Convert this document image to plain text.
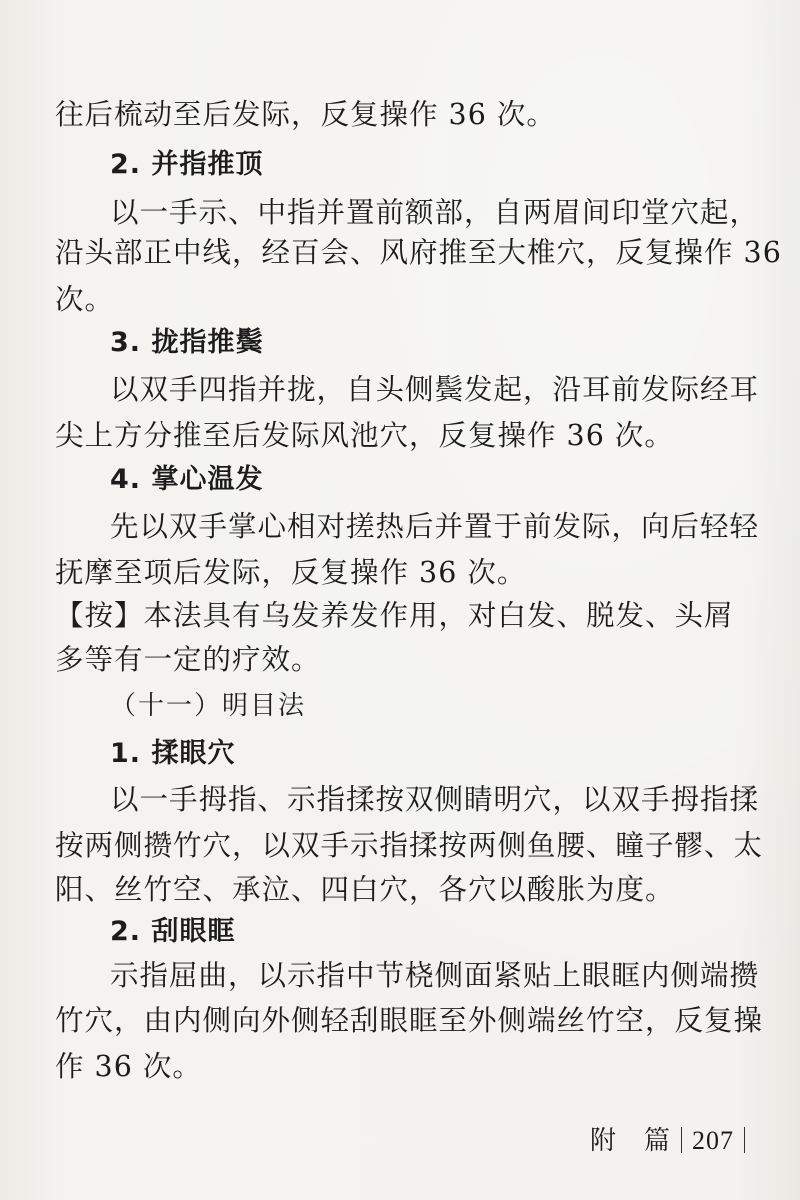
往后梳动至后发际，反复操作 36 次。
2. 并指推顶
以一手示、中指并置前额部，自两眉间印堂穴起，
沿头部正中线，经百会、风府推至大椎穴，反复操作 36
次。
3. 拢指推鬓
以双手四指并拢，自头侧鬓发起，沿耳前发际经耳
尖上方分推至后发际风池穴，反复操作 36 次。
4. 掌心温发
先以双手掌心相对搓热后并置于前发际，向后轻轻
抚摩至项后发际，反复操作 36 次。
【按】本法具有乌发养发作用，对白发、脱发、头屑
多等有一定的疗效。
（十一）明目法
1. 揉眼穴
以一手拇指、示指揉按双侧睛明穴，以双手拇指揉
按两侧攒竹穴，以双手示指揉按两侧鱼腰、瞳子髎、太
阳、丝竹空、承泣、四白穴，各穴以酸胀为度。
2. 刮眼眶
示指屈曲，以示指中节桡侧面紧贴上眼眶内侧端攒
竹穴，由内侧向外侧轻刮眼眶至外侧端丝竹空，反复操
作 36 次。
附　篇 207
